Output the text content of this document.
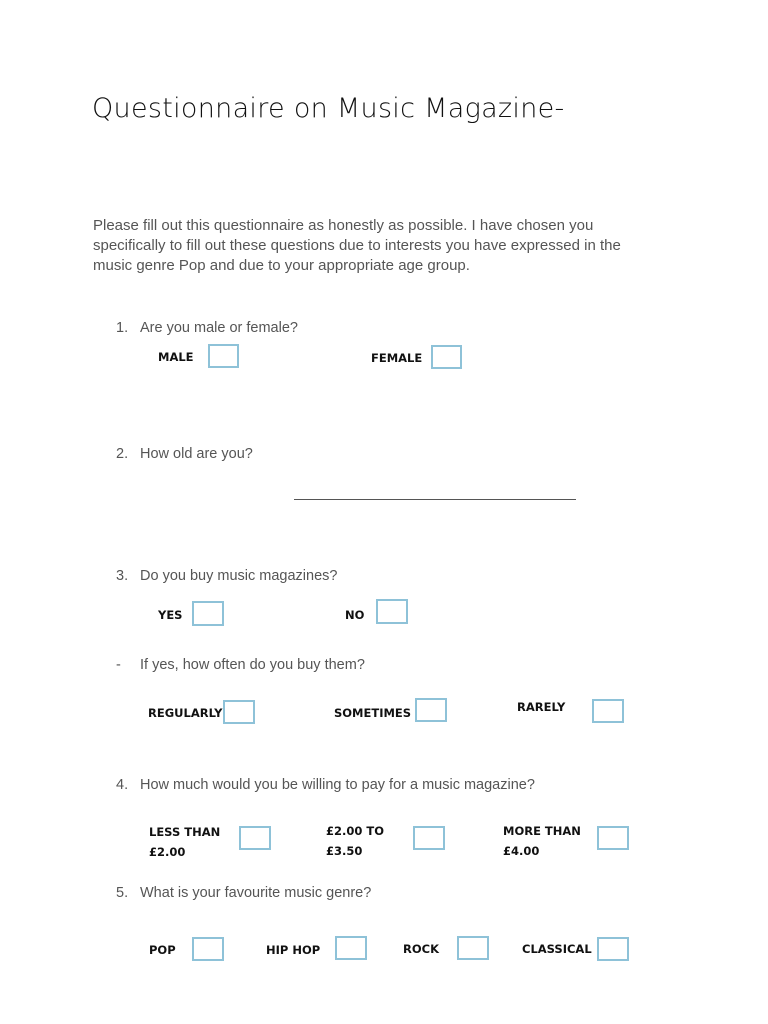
Questionnaire on Music Magazine-
Please fill out this questionnaire as honestly as possible. I have chosen you specifically to fill out these questions due to interests you have expressed in the music genre Pop and due to your appropriate age group.
1. Are you male or female?
MALE	FEMALE
2. How old are you?
3. Do you buy music magazines?
YES	NO
- If yes, how often do you buy them?
REGULARLY	SOMETIMES	RARELY
4. How much would you be willing to pay for a music magazine?
LESS THAN
£2.00
£2.00 TO
£3.50
MORE THAN
£4.00
5. What is your favourite music genre?
POP	HIP HOP	ROCK	CLASSICAL
